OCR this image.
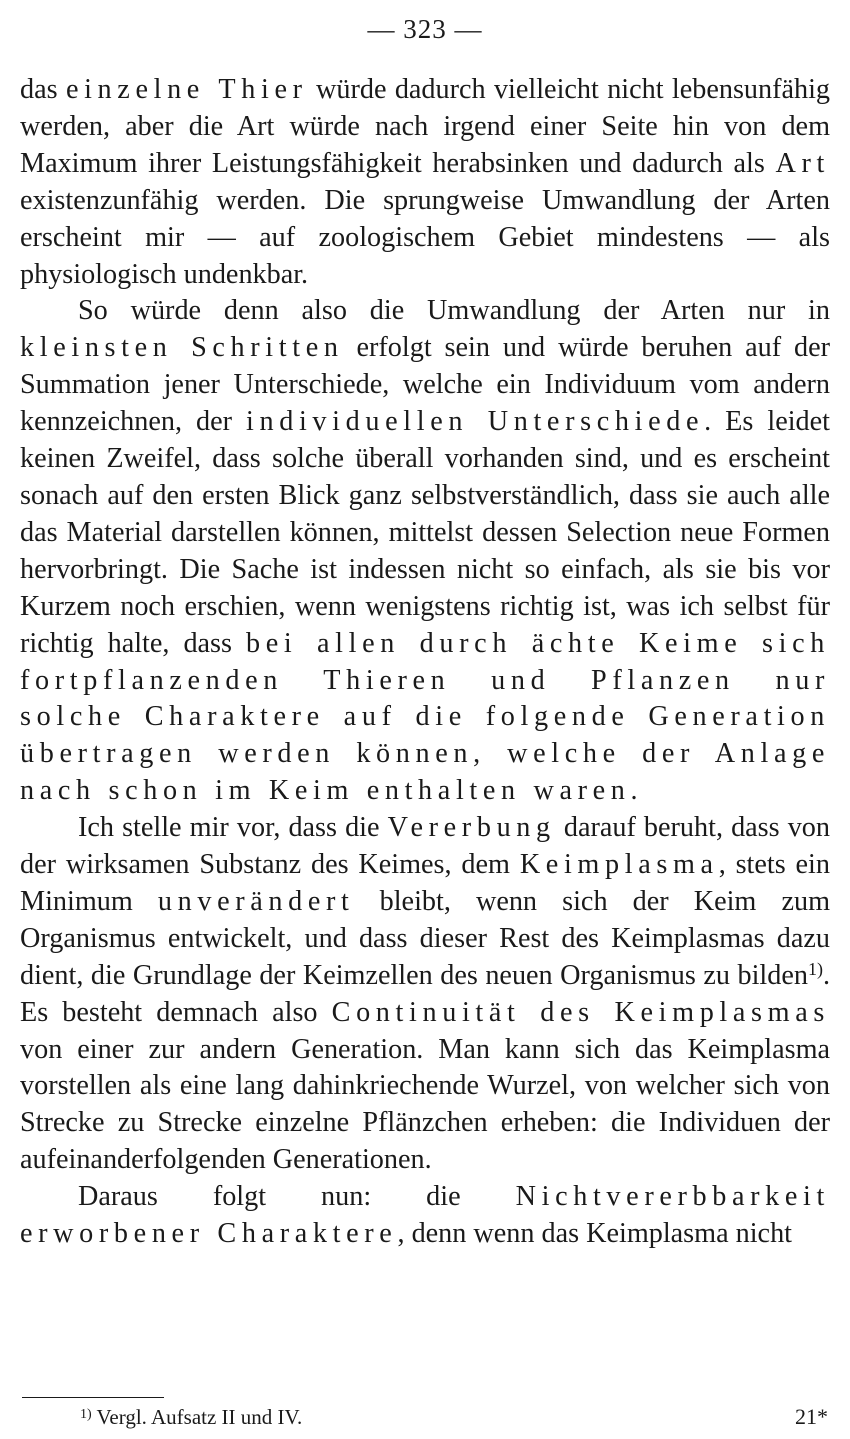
— 323 —

das einzelne Thier würde dadurch vielleicht nicht lebensunfähig werden, aber die Art würde nach irgend einer Seite hin von dem Maximum ihrer Leistungsfähigkeit herabsinken und dadurch als Art existenzunfähig werden. Die sprungweise Umwandlung der Arten erscheint mir — auf zoologischem Gebiet mindestens — als physiologisch undenkbar.

So würde denn also die Umwandlung der Arten nur in kleinsten Schritten erfolgt sein und würde beruhen auf der Summation jener Unterschiede, welche ein Individuum vom andern kennzeichnen, der individuellen Unterschiede. Es leidet keinen Zweifel, dass solche überall vorhanden sind, und es erscheint sonach auf den ersten Blick ganz selbstverständlich, dass sie auch alle das Material darstellen können, mittelst dessen Selection neue Formen hervorbringt. Die Sache ist indessen nicht so einfach, als sie bis vor Kurzem noch erschien, wenn wenigstens richtig ist, was ich selbst für richtig halte, dass bei allen durch ächte Keime sich fortpflanzenden Thieren und Pflanzen nur solche Charaktere auf die folgende Generation übertragen werden können, welche der Anlage nach schon im Keim enthalten waren.

Ich stelle mir vor, dass die Vererbung darauf beruht, dass von der wirksamen Substanz des Keimes, dem Keimplasma, stets ein Minimum unverändert bleibt, wenn sich der Keim zum Organismus entwickelt, und dass dieser Rest des Keimplasmas dazu dient, die Grundlage der Keimzellen des neuen Organismus zu bilden$^{1)}$. Es besteht demnach also Continuität des Keimplasmas von einer zur andern Generation. Man kann sich das Keimplasma vorstellen als eine lang dahinkriechende Wurzel, von welcher sich von Strecke zu Strecke einzelne Pflänzchen erheben: die Individuen der aufeinanderfolgenden Generationen.

Daraus folgt nun: die Nichtvererbbarkeit erworbener Charaktere, denn wenn das Keimplasma nicht

$^{1)}$ Vergl. Aufsatz II und IV.	21*
